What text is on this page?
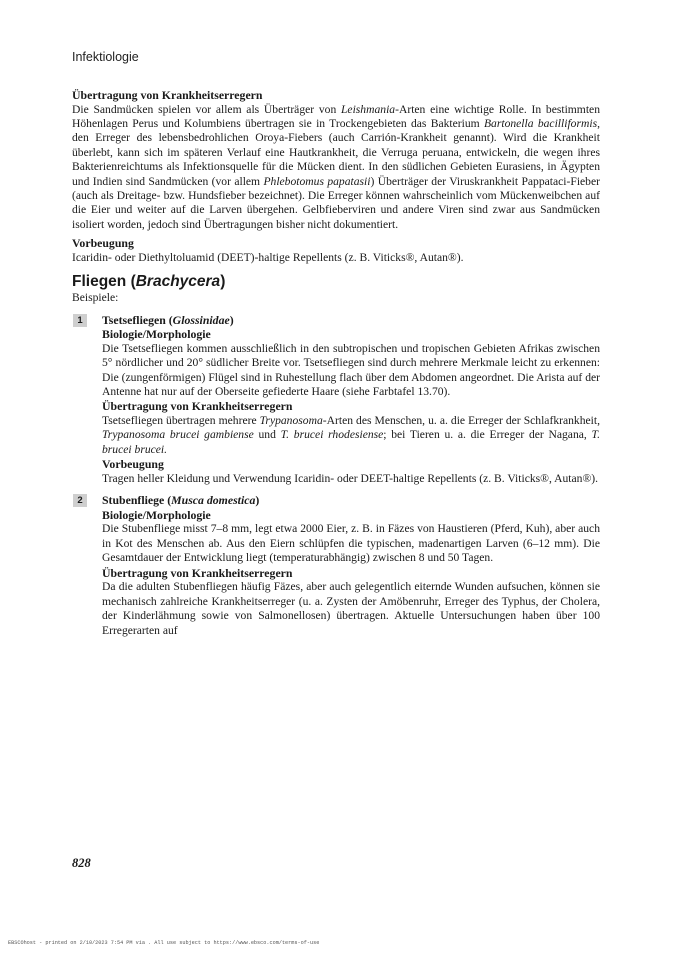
Infektiologie
Übertragung von Krankheitserregern

Die Sandmücken spielen vor allem als Überträger von Leishmania-Arten eine wichtige Rolle. In bestimmten Höhenlagen Perus und Kolumbiens übertragen sie in Trockengebieten das Bakterium Bartonella bacilliformis, den Erreger des lebensbedrohlichen Oroya-Fiebers (auch Carrión-Krankheit genannt). Wird die Krankheit überlebt, kann sich im späteren Verlauf eine Hautkrankheit, die Verruga peruana, entwickeln, die wegen ihres Bakterienreichtums als Infektionsquelle für die Mücken dient. In den südlichen Gebieten Eurasiens, in Ägypten und Indien sind Sandmücken (vor allem Phlebotomus papatasii) Überträger der Viruskrankheit Pappataci-Fieber (auch als Dreitage- bzw. Hundsfieber bezeichnet). Die Erreger können wahrscheinlich vom Mückenweibchen auf die Eier und weiter auf die Larven übergehen. Gelbfieberviren und andere Viren sind zwar aus Sandmücken isoliert worden, jedoch sind Übertragungen bisher nicht dokumentiert.

Vorbeugung

Icaridin- oder Diethyltoluamid (DEET)-haltige Repellents (z. B. Viticks®, Autan®).

Fliegen (Brachycera)

Beispiele:

1	Tsetsefliegen (Glossinidae)
Biologie/Morphologie

Die Tsetsefliegen kommen ausschließlich in den subtropischen und tropischen Gebieten Afrikas zwischen 5° nördlicher und 20° südlicher Breite vor. Tsetsefliegen sind durch mehrere Merkmale leicht zu erkennen: Die (zungenförmigen) Flügel sind in Ruhestellung flach über dem Abdomen angeordnet. Die Arista auf der Antenne hat nur auf der Oberseite gefiederte Haare (siehe Farbtafel 13.70).

Übertragung von Krankheitserregern

Tsetsefliegen übertragen mehrere Trypanosoma-Arten des Menschen, u. a. die Erreger der Schlafkrankheit, Trypanosoma brucei gambiense und T. brucei rhodesiense; bei Tieren u. a. die Erreger der Nagana, T. brucei brucei.

Vorbeugung

Tragen heller Kleidung und Verwendung Icaridin- oder DEET-haltige Repellents (z. B. Viticks®, Autan®).

2	Stubenfliege (Musca domestica)
Biologie/Morphologie

Die Stubenfliege misst 7–8 mm, legt etwa 2000 Eier, z. B. in Fäzes von Haustieren (Pferd, Kuh), aber auch in Kot des Menschen ab. Aus den Eiern schlüpfen die typischen, madenartigen Larven (6–12 mm). Die Gesamtdauer der Entwicklung liegt (temperaturabhängig) zwischen 8 und 50 Tagen.

Übertragung von Krankheitserregern

Da die adulten Stubenfliegen häufig Fäzes, aber auch gelegentlich eiternde Wunden aufsuchen, können sie mechanisch zahlreiche Krankheitserreger (u. a. Zysten der Amöbenruhr, Erreger des Typhus, der Cholera, der Kinderlähmung sowie von Salmonellosen) übertragen. Aktuelle Untersuchungen haben über 100 Erregerarten auf

828
EBSCOhost - printed on 2/10/2023 7:54 PM via . All use subject to https://www.ebsco.com/terms-of-use
